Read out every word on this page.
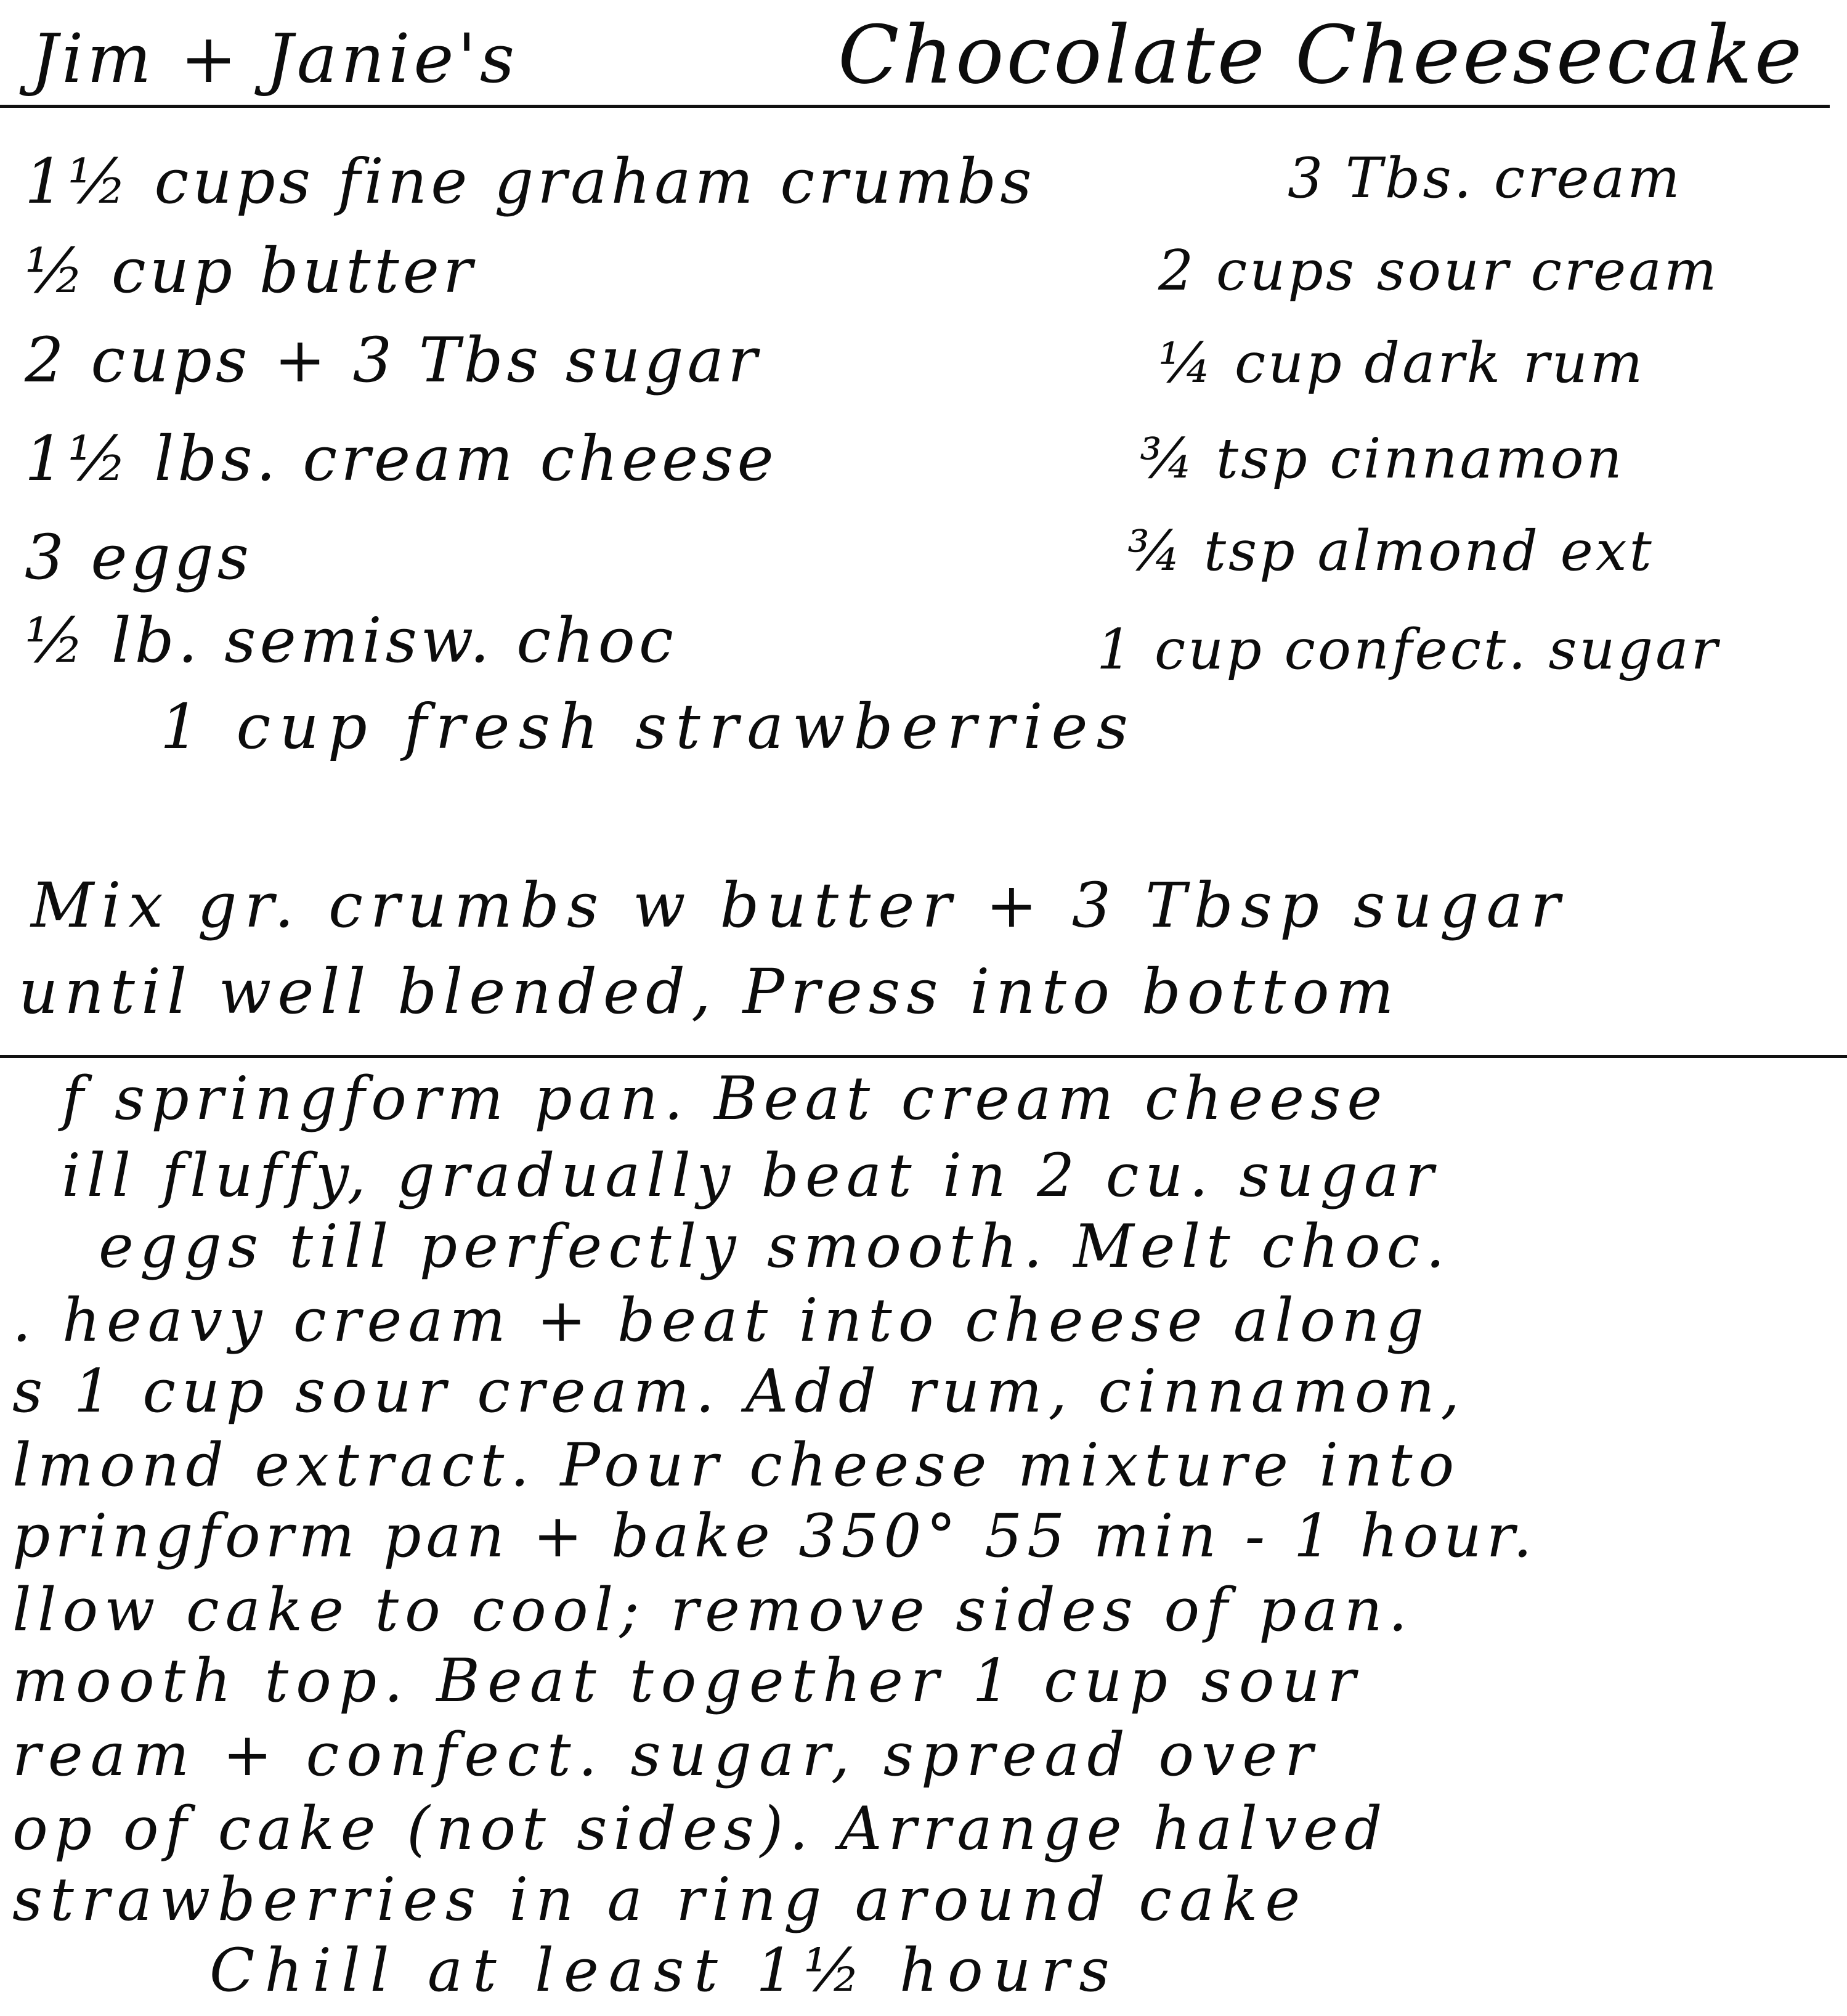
Jim + Janie's	Chocolate Cheesecake
1½ cups fine graham crumbs
½ cup butter
2 cups + 3 Tbs sugar
1½ lbs. cream cheese
3 eggs
½ lb. semisw. choc
3 Tbs. cream
2 cups sour cream
¼ cup dark rum
¾ tsp cinnamon
¾ tsp almond ext
1 cup confect. sugar
1 cup fresh strawberries
Mix gr. crumbs w butter + 3 Tbsp sugar
until well blended, Press into bottom
f springform pan. Beat cream cheese
ill fluffy, gradually beat in 2 cu. sugar
eggs till perfectly smooth. Melt choc.
. heavy cream + beat into cheese along
s 1 cup sour cream. Add rum, cinnamon,
lmond extract. Pour cheese mixture into
pringform pan + bake 350° 55 min - 1 hour.
llow cake to cool; remove sides of pan.
mooth top. Beat together 1 cup sour
ream + confect. sugar, spread over
op of cake (not sides). Arrange halved
strawberries in a ring around cake
Chill at least 1½ hours
